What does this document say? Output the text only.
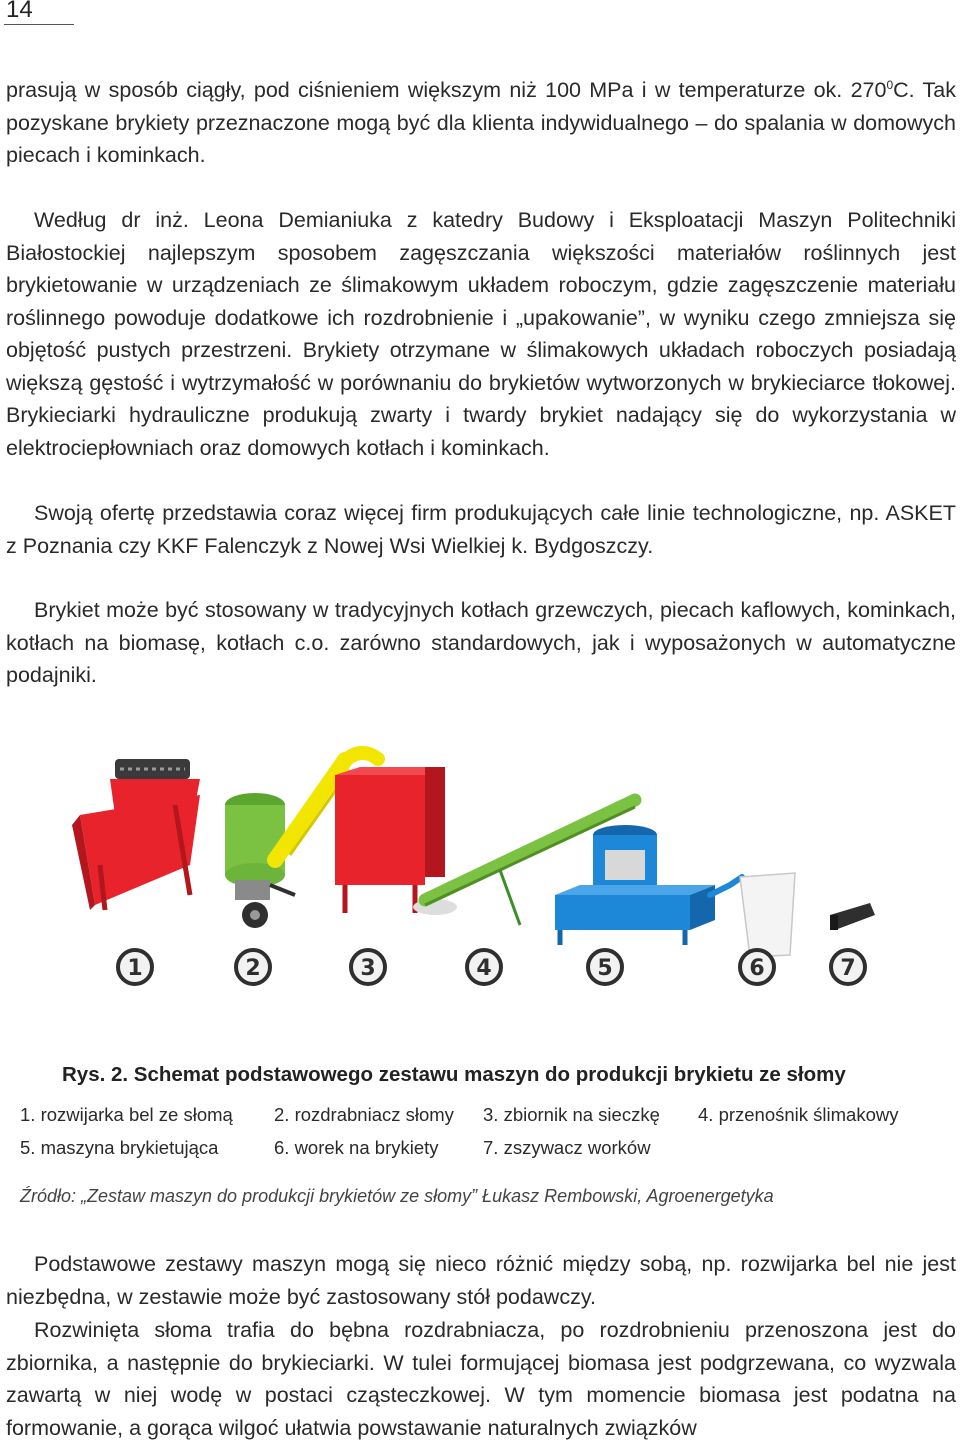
14

prasują w sposób ciągły, pod ciśnieniem większym niż 100 MPa i w temperaturze ok. $270^0C$. Tak pozyskane brykiety przeznaczone mogą być dla klienta indywidualnego – do spalania w domowych piecach i kominkach.

Według dr inż. Leona Demianiuka z katedry Budowy i Eksploatacji Maszyn Politechniki Białostockiej najlepszym sposobem zagęszczania większości materiałów roślinnych jest brykietowanie w urządzeniach ze ślimakowym układem roboczym, gdzie zagęszczenie materiału roślinnego powoduje dodatkowe ich rozdrobnienie i „upakowanie”, w wyniku czego zmniejsza się objętość pustych przestrzeni. Brykiety otrzymane w ślimakowych układach roboczych posiadają większą gęstość i wytrzymałość w porównaniu do brykietów wytworzonych w brykieciarce tłokowej. Brykieciarki hydrauliczne produkują zwarty i twardy brykiet nadający się do wykorzystania w elektrociepłowniach oraz domowych kotłach i kominkach.

Swoją ofertę przedstawia coraz więcej firm produkujących całe linie technologiczne, np. ASKET z Poznania czy KKF Falenczyk z Nowej Wsi Wielkiej k. Bydgoszczy.

Brykiet może być stosowany w tradycyjnych kotłach grzewczych, piecach kaflowych, kominkach, kotłach na biomasę, kotłach c.o. zarówno standardowych, jak i wyposażonych w automatyczne podajniki.

1	2	3	4	5	6	7
Rys. 2. Schemat podstawowego zestawu maszyn do produkcji brykietu ze słomy
1. rozwijarka bel ze słomą 2. rozdrabniacz słomy 3. zbiornik na sieczkę 4. przenośnik ślimakowy
5. maszyna brykietująca	6. worek na brykiety 7. zszywacz worków
Źródło: „Zestaw maszyn do produkcji brykietów ze słomy” Łukasz Rembowski, Agroenergetyka

Podstawowe zestawy maszyn mogą się nieco różnić między sobą, np. rozwijarka bel nie jest niezbędna, w zestawie może być zastosowany stół podawczy.

Rozwinięta słoma trafia do bębna rozdrabniacza, po rozdrobnieniu przenoszona jest do zbiornika, a następnie do brykieciarki. W tulei formującej biomasa jest podgrzewana, co wyzwala zawartą w niej wodę w postaci cząsteczkowej. W tym momencie biomasa jest podatna na formowanie, a gorąca wilgoć ułatwia powstawanie naturalnych związków
